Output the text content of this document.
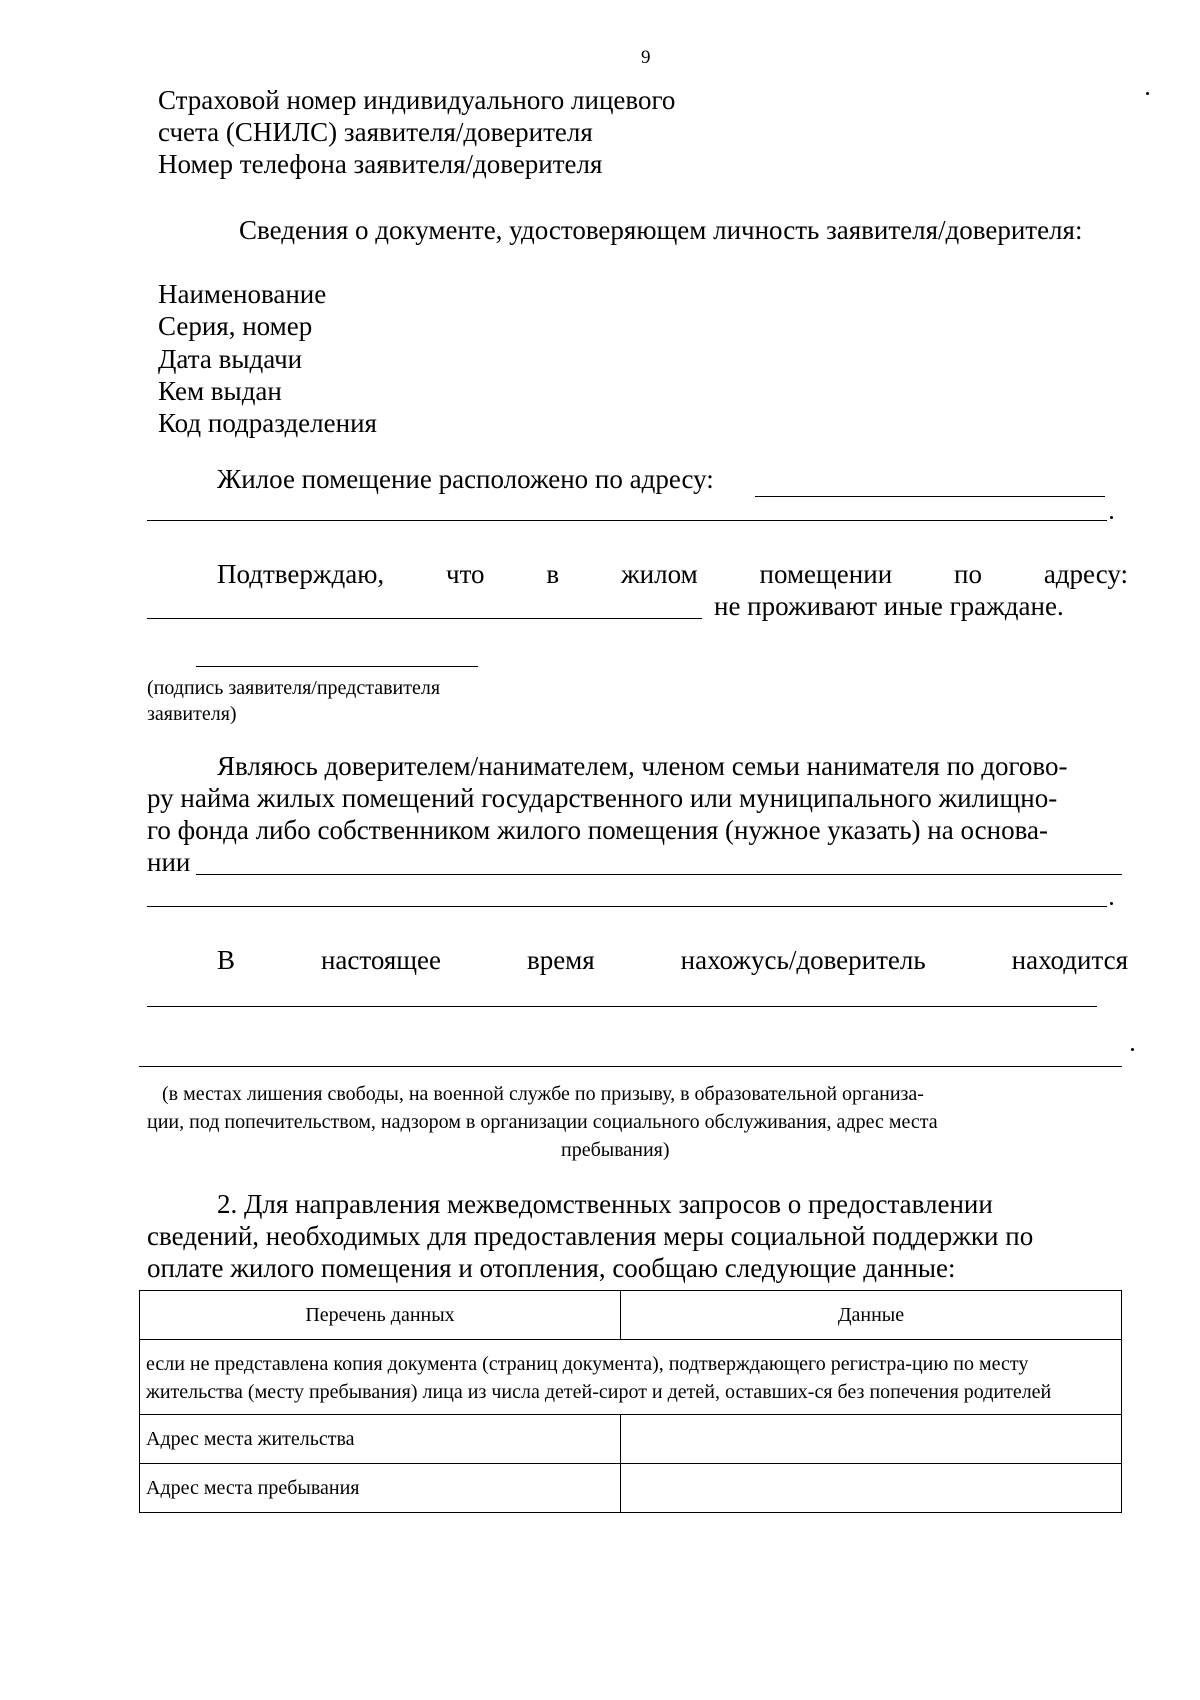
9
Страховой номер индивидуального лицевого
счета (СНИЛС) заявителя/доверителя
Номер телефона заявителя/доверителя
Сведения о документе, удостоверяющем личность заявителя/доверителя:
Наименование
Серия, номер
Дата выдачи
Кем выдан
Код подразделения
Жилое помещение расположено по адресу:
Подтверждаю, что в жилом помещении по адресу:
не проживают иные граждане.
(подпись заявителя/представителя
заявителя)
Являюсь доверителем/нанимателем, членом семьи нанимателя по догово-
ру найма жилых помещений государственного или муниципального жилищно-
го фонда либо собственником жилого помещения (нужное указать) на основа-
нии
В	настоящее	время	нахожусь/доверитель	находится
(в местах лишения свободы, на военной службе по призыву, в образовательной организа-
ции, под попечительством, надзором в организации социального обслуживания, адрес места
пребывания)
2. Для направления межведомственных запросов о предоставлении
сведений, необходимых для предоставления меры социальной поддержки по
оплате жилого помещения и отопления, сообщаю следующие данные:
Перечень данных	Данные
если не представлена копия документа (страниц документа), подтверждающего регистра-цию по месту жительства (месту пребывания) лица из числа детей-сирот и детей, оставших-ся без попечения родителей	
Адрес места жительства	
Адрес места пребывания	
